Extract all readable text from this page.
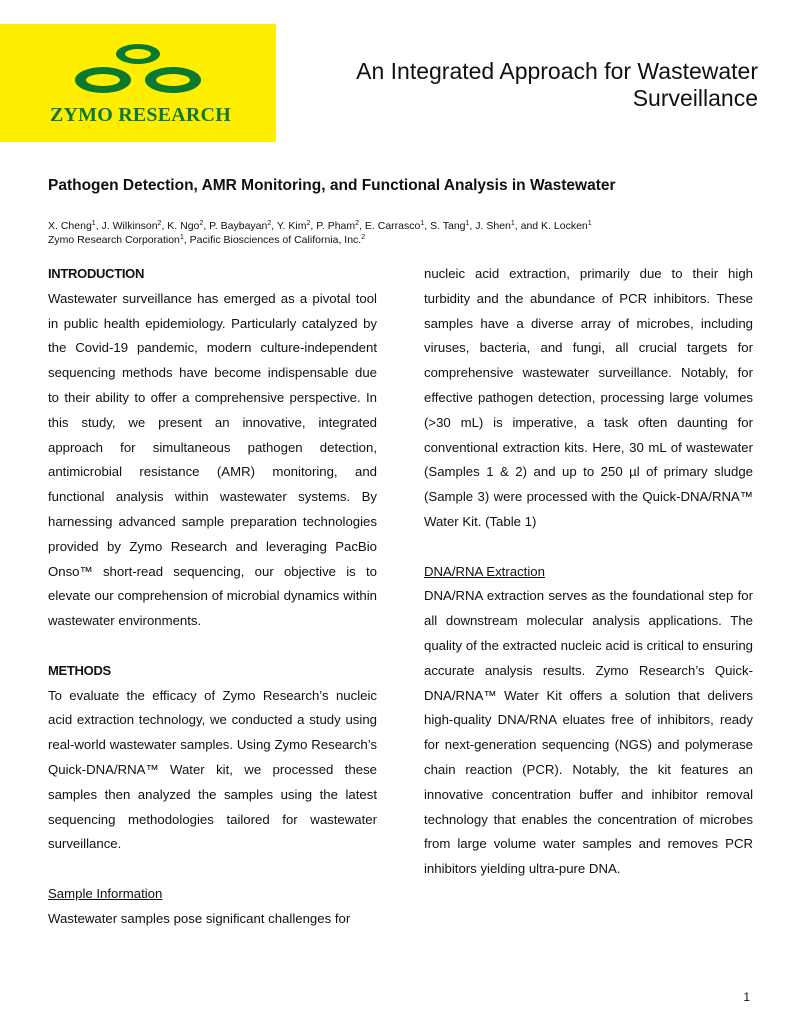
ZYMO RESEARCH
An Integrated Approach for Wastewater
Surveillance
Pathogen Detection, AMR Monitoring, and Functional Analysis in Wastewater
X. Cheng$^1$, J. Wilkinson$^2$, K. Ngo$^2$, P. Baybayan$^2$, Y. Kim$^2$, P. Pham$^2$, E. Carrasco$^1$, S. Tang$^1$, J. Shen$^1$, and K. Locken$^1$
Zymo Research Corporation$^1$, Pacific Biosciences of California, Inc.$^2$

INTRODUCTION

Wastewater surveillance has emerged as a pivotal tool in public health epidemiology. Particularly catalyzed by the Covid-19 pandemic, modern culture-independent sequencing methods have become indispensable due to their ability to offer a comprehensive perspective. In this study, we present an innovative, integrated approach for simultaneous pathogen detection, antimicrobial resistance (AMR) monitoring, and functional analysis within wastewater systems. By harnessing advanced sample preparation technologies provided by Zymo Research and leveraging PacBio Onso™ short-read sequencing, our objective is to elevate our comprehension of microbial dynamics within wastewater environments.

METHODS

To evaluate the efficacy of Zymo Research’s nucleic acid extraction technology, we conducted a study using real-world wastewater samples. Using Zymo Research’s Quick-DNA/RNA™ Water kit, we processed these samples then analyzed the samples using the latest sequencing methodologies tailored for wastewater surveillance.

Sample Information

Wastewater samples pose significant challenges for

nucleic acid extraction, primarily due to their high turbidity and the abundance of PCR inhibitors. These samples have a diverse array of microbes, including viruses, bacteria, and fungi, all crucial targets for comprehensive wastewater surveillance. Notably, for effective pathogen detection, processing large volumes (>30 mL) is imperative, a task often daunting for conventional extraction kits. Here, 30 mL of wastewater (Samples 1 & 2) and up to 250 µl of primary sludge (Sample 3) were processed with the Quick-DNA/RNA™ Water Kit. (Table 1)

DNA/RNA Extraction

DNA/RNA extraction serves as the foundational step for all downstream molecular analysis applications. The quality of the extracted nucleic acid is critical to ensuring accurate analysis results. Zymo Research’s Quick-DNA/RNA™ Water Kit offers a solution that delivers high-quality DNA/RNA eluates free of inhibitors, ready for next-generation sequencing (NGS) and polymerase chain reaction (PCR). Notably, the kit features an innovative concentration buffer and inhibitor removal technology that enables the concentration of microbes from large volume water samples and removes PCR inhibitors yielding ultra-pure DNA.

1
